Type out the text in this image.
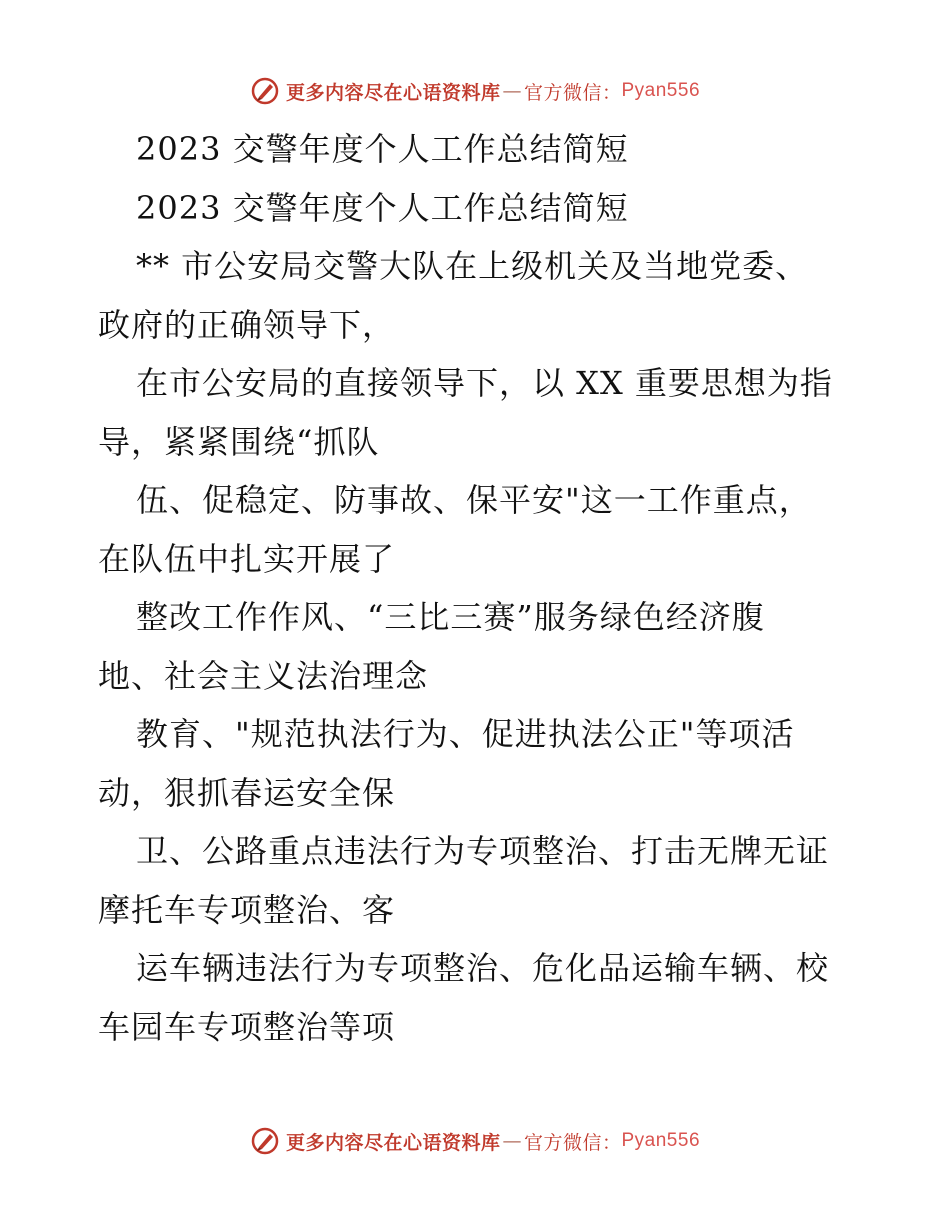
更多内容尽在心语资料库 — 官方微信： Pyan556
2023 交警年度个人工作总结简短
2023 交警年度个人工作总结简短
** 市公安局交警大队在上级机关及当地党委、
政府的正确领导下，
在市公安局的直接领导下，以 XX 重要思想为指
导，紧紧围绕“抓队
伍、促稳定、防事故、保平安"这一工作重点，
在队伍中扎实开展了
整改工作作风、“三比三赛”服务绿色经济腹
地、社会主义法治理念
教育、"规范执法行为、促进执法公正"等项活
动，狠抓春运安全保
卫、公路重点违法行为专项整治、打击无牌无证
摩托车专项整治、客
运车辆违法行为专项整治、危化品运输车辆、校
车园车专项整治等项
更多内容尽在心语资料库 — 官方微信： Pyan556
